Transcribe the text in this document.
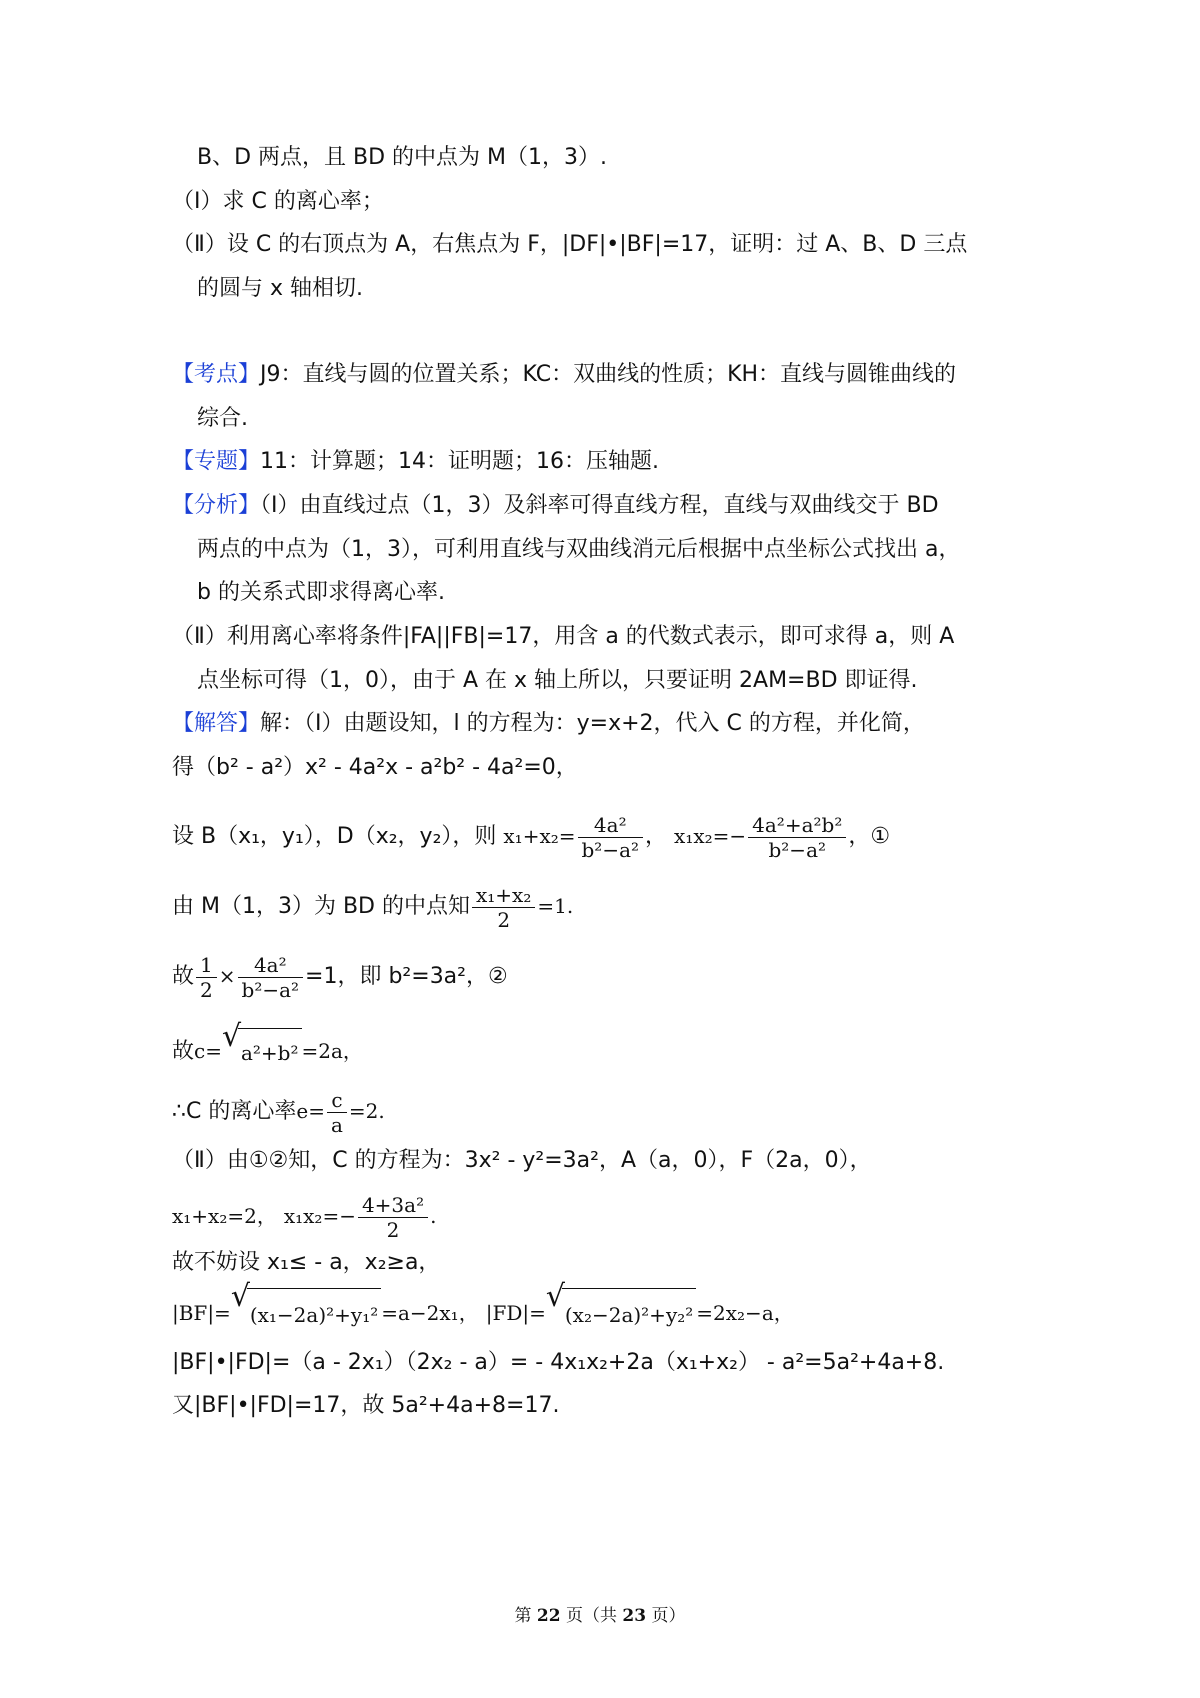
B、D 两点，且 BD 的中点为 M（1，3）.
（Ⅰ）求 C 的离心率；
（Ⅱ）设 C 的右顶点为 A，右焦点为 F，|DF|•|BF|=17，证明：过 A、B、D 三点
的圆与 x 轴相切.
【考点】J9：直线与圆的位置关系；KC：双曲线的性质；KH：直线与圆锥曲线的
综合.
【专题】11：计算题；14：证明题；16：压轴题.
【分析】（Ⅰ）由直线过点（1，3）及斜率可得直线方程，直线与双曲线交于 BD
两点的中点为（1，3），可利用直线与双曲线消元后根据中点坐标公式找出 a，
b 的关系式即求得离心率.
（Ⅱ）利用离心率将条件|FA||FB|=17，用含 a 的代数式表示，即可求得 a，则 A
点坐标可得（1，0），由于 A 在 x 轴上所以，只要证明 2AM=BD 即证得.
【解答】解：（Ⅰ）由题设知，l 的方程为：y=x+2，代入 C 的方程，并化简，
得（b² - a²）x² - 4a²x - a²b² - 4a²=0，
设 B（x₁，y₁），D（x₂，y₂），则 $x_1+x_2= \frac{\text{4a²}}{\text{b²−a²}}$ ， $x_1x_2=- \frac{\text{4a²+a²b²}}{\text{b²−a²}}$ ，①
由 M（1，3）为 BD 的中点知 $\frac{\text{x₁+x₂}}{2} =1$.
故 $\frac{1}{2} \times \frac{\text{4a²}}{\text{b²−a²}} =1$，即 b²=3a²，②
故c= √ a²+b² =2a，
∴C 的离心率$e= \frac{c}{a} =2$.
（Ⅱ）由①②知，C 的方程为：3x² - y²=3a²，A（a，0），F（2a，0），
x₁+x₂=2， $x_1x_2=- \frac{\text{4+3a²}}{2}$ .
故不妨设 x₁≤ - a，x₂≥a，
|BF|= √
(x₁−2a)²+y₁² =a−2x₁， |FD|= √
(x₂−2a)²+y₂² =2x₂−a，
|BF|•|FD|=（a - 2x₁）（2x₂ - a）= - 4x₁x₂+2a（x₁+x₂） - a²=5a²+4a+8.
又|BF|•|FD|=17，故 5a²+4a+8=17.
第 22 页（共 23 页）
